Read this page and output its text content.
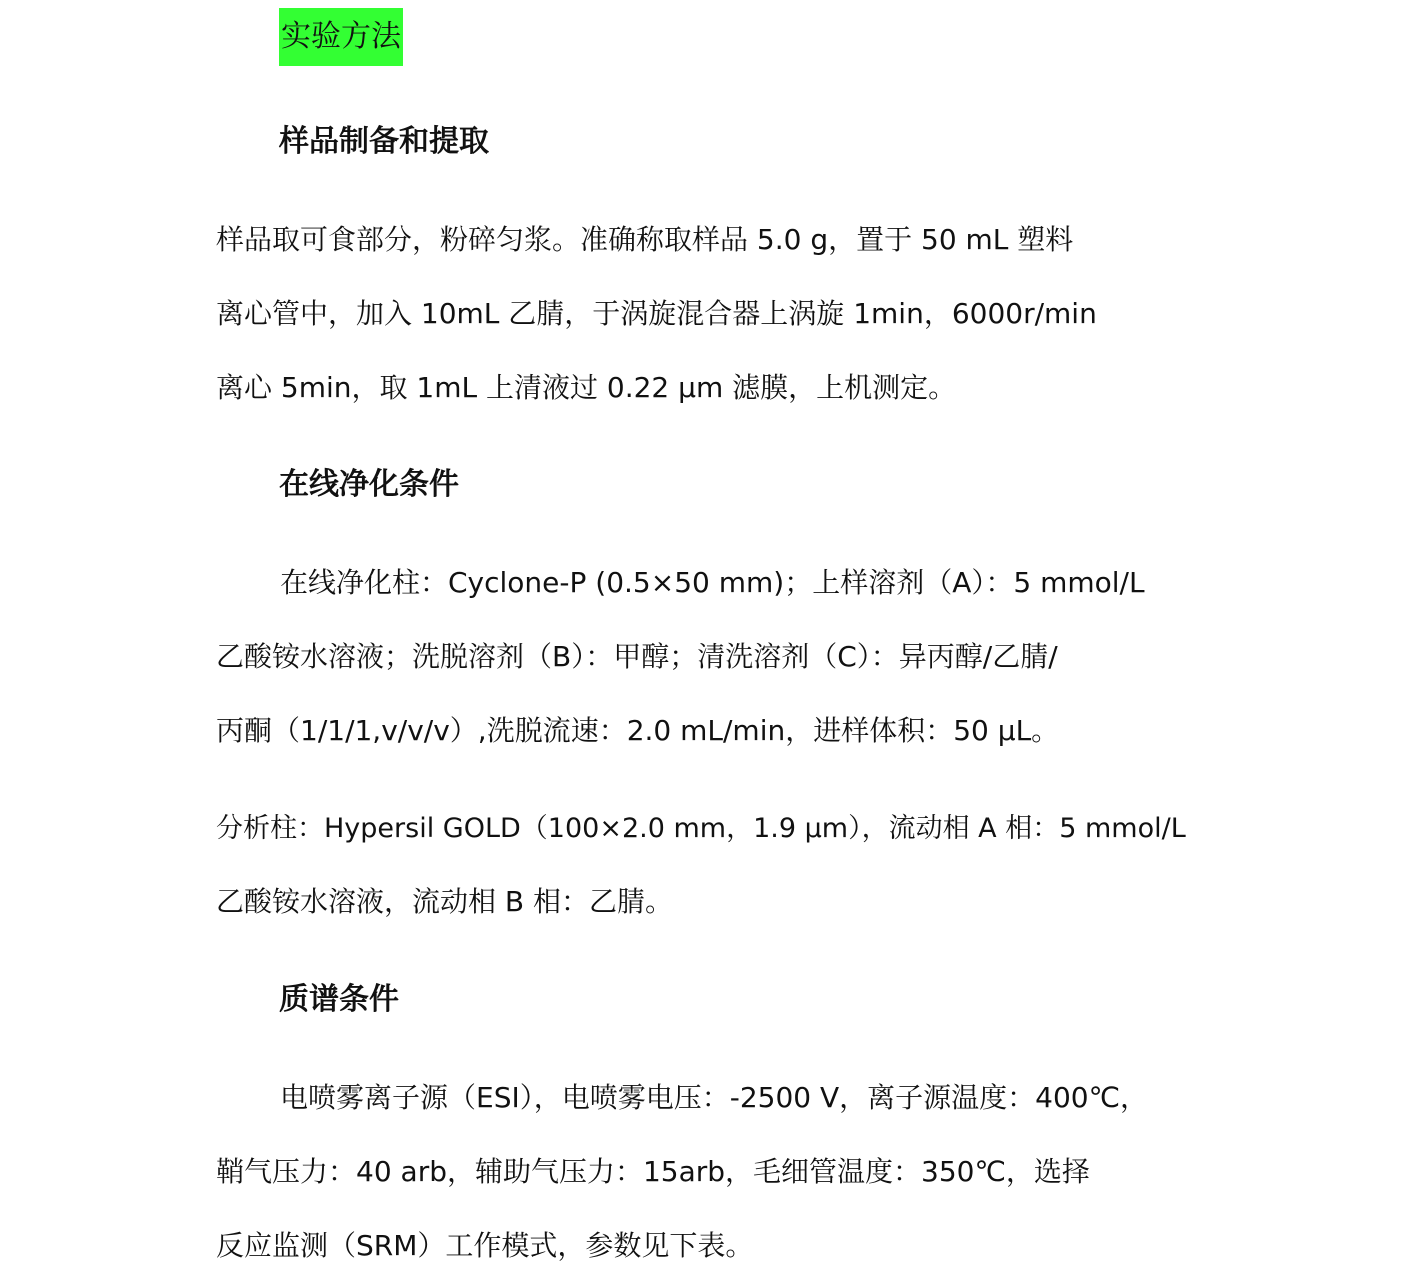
实验方法
样品制备和提取
样品取可食部分，粉碎匀浆。准确称取样品 5.0 g，置于 50 mL 塑料
离心管中，加入 10mL 乙腈，于涡旋混合器上涡旋 1min，6000r/min
离心 5min，取 1mL 上清液过 0.22 μm 滤膜，上机测定。
在线净化条件
在线净化柱：Cyclone-P (0.5×50 mm)；上样溶剂（A）：5 mmol/L
乙酸铵水溶液；洗脱溶剂（B）：甲醇；清洗溶剂（C）：异丙醇/乙腈/
丙酮（1/1/1,v/v/v）,洗脱流速：2.0 mL/min，进样体积：50 μL。
分析柱：Hypersil GOLD（100×2.0 mm，1.9 μm），流动相 A 相：5 mmol/L
乙酸铵水溶液，流动相 B 相：乙腈。
质谱条件
电喷雾离子源（ESI），电喷雾电压：-2500 V，离子源温度：400℃，
鞘气压力：40 arb，辅助气压力：15arb，毛细管温度：350℃，选择
反应监测（SRM）工作模式，参数见下表。
